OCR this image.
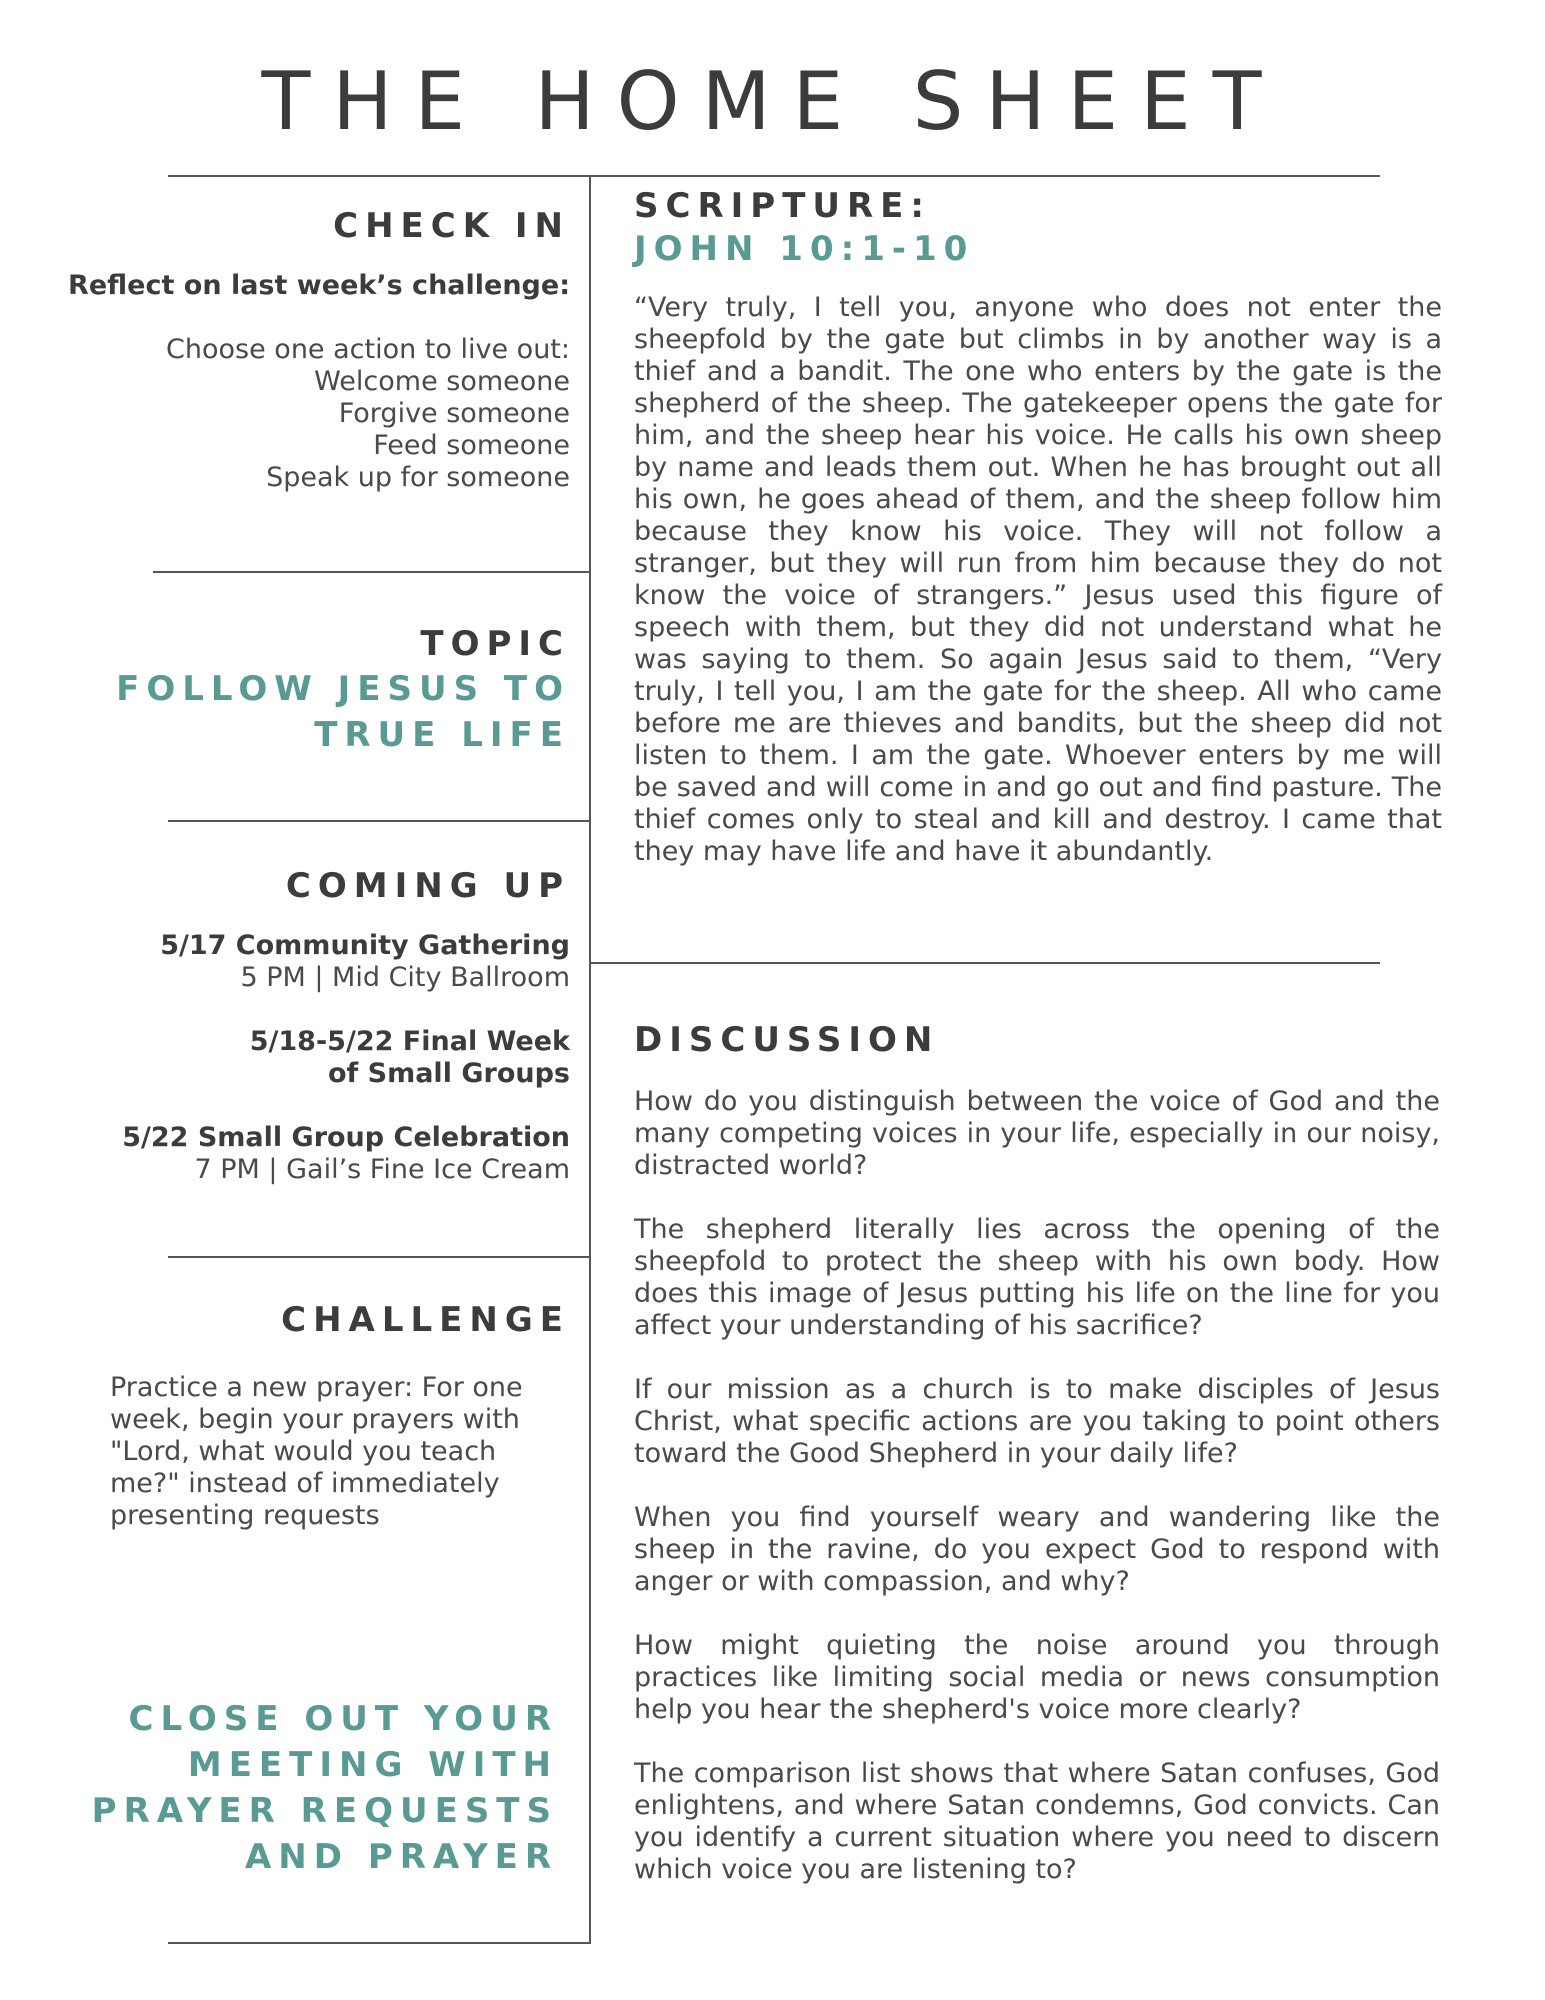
THE HOME SHEET
CHECK IN
Reflect on last week’s challenge:
Choose one action to live out:
Welcome someone
Forgive someone
Feed someone
Speak up for someone
TOPIC
FOLLOW JESUS TO
TRUE LIFE
COMING UP
5/17 Community Gathering
5 PM | Mid City Ballroom
5/18-5/22 Final Week
of Small Groups
5/22 Small Group Celebration
7 PM | Gail’s Fine Ice Cream
CHALLENGE
Practice a new prayer: For one week, begin your prayers with "Lord, what would you teach me?" instead of immediately presenting requests
CLOSE OUT YOUR
MEETING WITH
PRAYER REQUESTS
AND PRAYER
SCRIPTURE:
JOHN 10:1-10
“Very truly, I tell you, anyone who does not enter the sheepfold by the gate but climbs in by another way is a thief and a bandit. The one who enters by the gate is the shepherd of the sheep. The gatekeeper opens the gate for him, and the sheep hear his voice. He calls his own sheep by name and leads them out. When he has brought out all his own, he goes ahead of them, and the sheep follow him because they know his voice. They will not follow a stranger, but they will run from him because they do not know the voice of strangers.” Jesus used this figure of speech with them, but they did not understand what he was saying to them. So again Jesus said to them, “Very truly, I tell you, I am the gate for the sheep. All who came before me are thieves and bandits, but the sheep did not listen to them. I am the gate. Whoever enters by me will be saved and will come in and go out and find pasture. The thief comes only to steal and kill and destroy. I came that they may have life and have it abundantly.
DISCUSSION
How do you distinguish between the voice of God and the many competing voices in your life, especially in our noisy, distracted world?
The shepherd literally lies across the opening of the sheepfold to protect the sheep with his own body. How does this image of Jesus putting his life on the line for you affect your understanding of his sacrifice?
If our mission as a church is to make disciples of Jesus Christ, what specific actions are you taking to point others toward the Good Shepherd in your daily life?
When you find yourself weary and wandering like the sheep in the ravine, do you expect God to respond with anger or with compassion, and why?
How might quieting the noise around you through practices like limiting social media or news consumption help you hear the shepherd's voice more clearly?
The comparison list shows that where Satan confuses, God enlightens, and where Satan condemns, God convicts. Can you identify a current situation where you need to discern which voice you are listening to?
